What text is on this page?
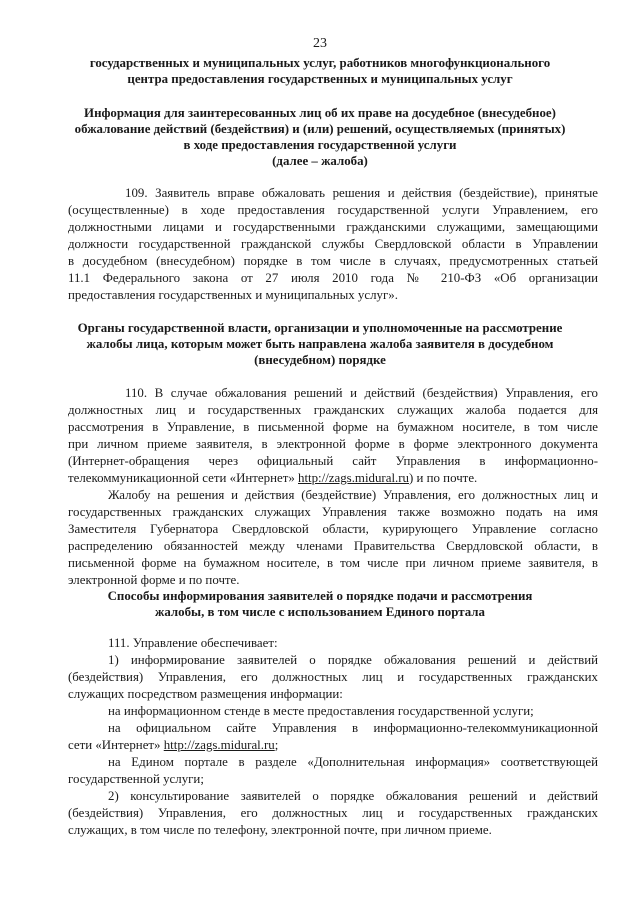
23
государственных и муниципальных услуг, работников многофункционального
центра предоставления государственных и муниципальных услуг
Информация для заинтересованных лиц об их праве на досудебное (внесудебное)
обжалование действий (бездействия) и (или) решений, осуществляемых (принятых)
в ходе предоставления государственной услуги
(далее – жалоба)
109. Заявитель вправе обжаловать решения и действия (бездействие), принятые
(осуществленные) в ходе предоставления государственной услуги Управлением, его
должностными лицами и государственными гражданскими служащими, замещающими
должности государственной гражданской службы Свердловской области в Управлении
в досудебном (внесудебном) порядке в том числе в случаях, предусмотренных статьей
11.1 Федерального закона от 27 июля 2010 года № 210-ФЗ «Об организации
предоставления государственных и муниципальных услуг».
Органы государственной власти, организации и уполномоченные на рассмотрение
жалобы лица, которым может быть направлена жалоба заявителя в досудебном
(внесудебном) порядке
110. В случае обжалования решений и действий (бездействия) Управления, его
должностных лиц и государственных гражданских служащих жалоба подается для
рассмотрения в Управление, в письменной форме на бумажном носителе, в том числе
при личном приеме заявителя, в электронной форме в форме электронного документа
(Интернет-обращения через официальный сайт Управления в информационно-
телекоммуникационной сети «Интернет» http://zags.midural.ru) и по почте.
Жалобу на решения и действия (бездействие) Управления, его должностных лиц и
государственных гражданских служащих Управления также возможно подать на имя
Заместителя Губернатора Свердловской области, курирующего Управление согласно
распределению обязанностей между членами Правительства Свердловской области, в
письменной форме на бумажном носителе, в том числе при личном приеме заявителя, в
электронной форме и по почте.
Способы информирования заявителей о порядке подачи и рассмотрения
жалобы, в том числе с использованием Единого портала
111. Управление обеспечивает:
1) информирование заявителей о порядке обжалования решений и действий
(бездействия) Управления, его должностных лиц и государственных гражданских
служащих посредством размещения информации:
на информационном стенде в месте предоставления государственной услуги;
на официальном сайте Управления в информационно-телекоммуникационной
сети «Интернет» http://zags.midural.ru;
на Едином портале в разделе «Дополнительная информация» соответствующей
государственной услуги;
2) консультирование заявителей о порядке обжалования решений и действий
(бездействия) Управления, его должностных лиц и государственных гражданских
служащих, в том числе по телефону, электронной почте, при личном приеме.
